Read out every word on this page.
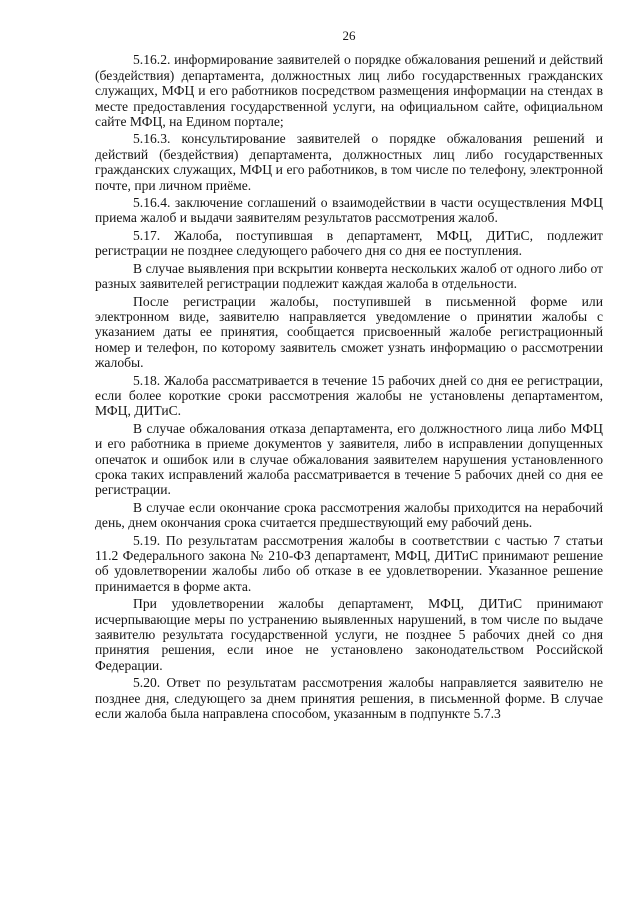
26

5.16.2. информирование заявителей о порядке обжалования решений и действий (бездействия) департамента, должностных лиц либо государственных гражданских служащих, МФЦ и его работников посредством размещения информации на стендах в месте предоставления государственной услуги, на официальном сайте, официальном сайте МФЦ, на Едином портале;

5.16.3. консультирование заявителей о порядке обжалования решений и действий (бездействия) департамента, должностных лиц либо государственных гражданских служащих, МФЦ и его работников, в том числе по телефону, электронной почте, при личном приёме.

5.16.4. заключение соглашений о взаимодействии в части осуществления МФЦ приема жалоб и выдачи заявителям результатов рассмотрения жалоб.

5.17. Жалоба, поступившая в департамент, МФЦ, ДИТиС, подлежит регистрации не позднее следующего рабочего дня со дня ее поступления.

В случае выявления при вскрытии конверта нескольких жалоб от одного либо от разных заявителей регистрации подлежит каждая жалоба в отдельности.

После регистрации жалобы, поступившей в письменной форме или электронном виде, заявителю направляется уведомление о принятии жалобы с указанием даты ее принятия, сообщается присвоенный жалобе регистрационный номер и телефон, по которому заявитель сможет узнать информацию о рассмотрении жалобы.

5.18. Жалоба рассматривается в течение 15 рабочих дней со дня ее регистрации, если более короткие сроки рассмотрения жалобы не установлены департаментом, МФЦ, ДИТиС.

В случае обжалования отказа департамента, его должностного лица либо МФЦ и его работника в приеме документов у заявителя, либо в исправлении допущенных опечаток и ошибок или в случае обжалования заявителем нарушения установленного срока таких исправлений жалоба рассматривается в течение 5 рабочих дней со дня ее регистрации.

В случае если окончание срока рассмотрения жалобы приходится на нерабочий день, днем окончания срока считается предшествующий ему рабочий день.

5.19. По результатам рассмотрения жалобы в соответствии с частью 7 статьи 11.2 Федерального закона № 210-ФЗ департамент, МФЦ, ДИТиС принимают решение об удовлетворении жалобы либо об отказе в ее удовлетворении. Указанное решение принимается в форме акта.

При удовлетворении жалобы департамент, МФЦ, ДИТиС принимают исчерпывающие меры по устранению выявленных нарушений, в том числе по выдаче заявителю результата государственной услуги, не позднее 5 рабочих дней со дня принятия решения, если иное не установлено законодательством Российской Федерации.

5.20. Ответ по результатам рассмотрения жалобы направляется заявителю не позднее дня, следующего за днем принятия решения, в письменной форме. В случае если жалоба была направлена способом, указанным в подпункте 5.7.3
